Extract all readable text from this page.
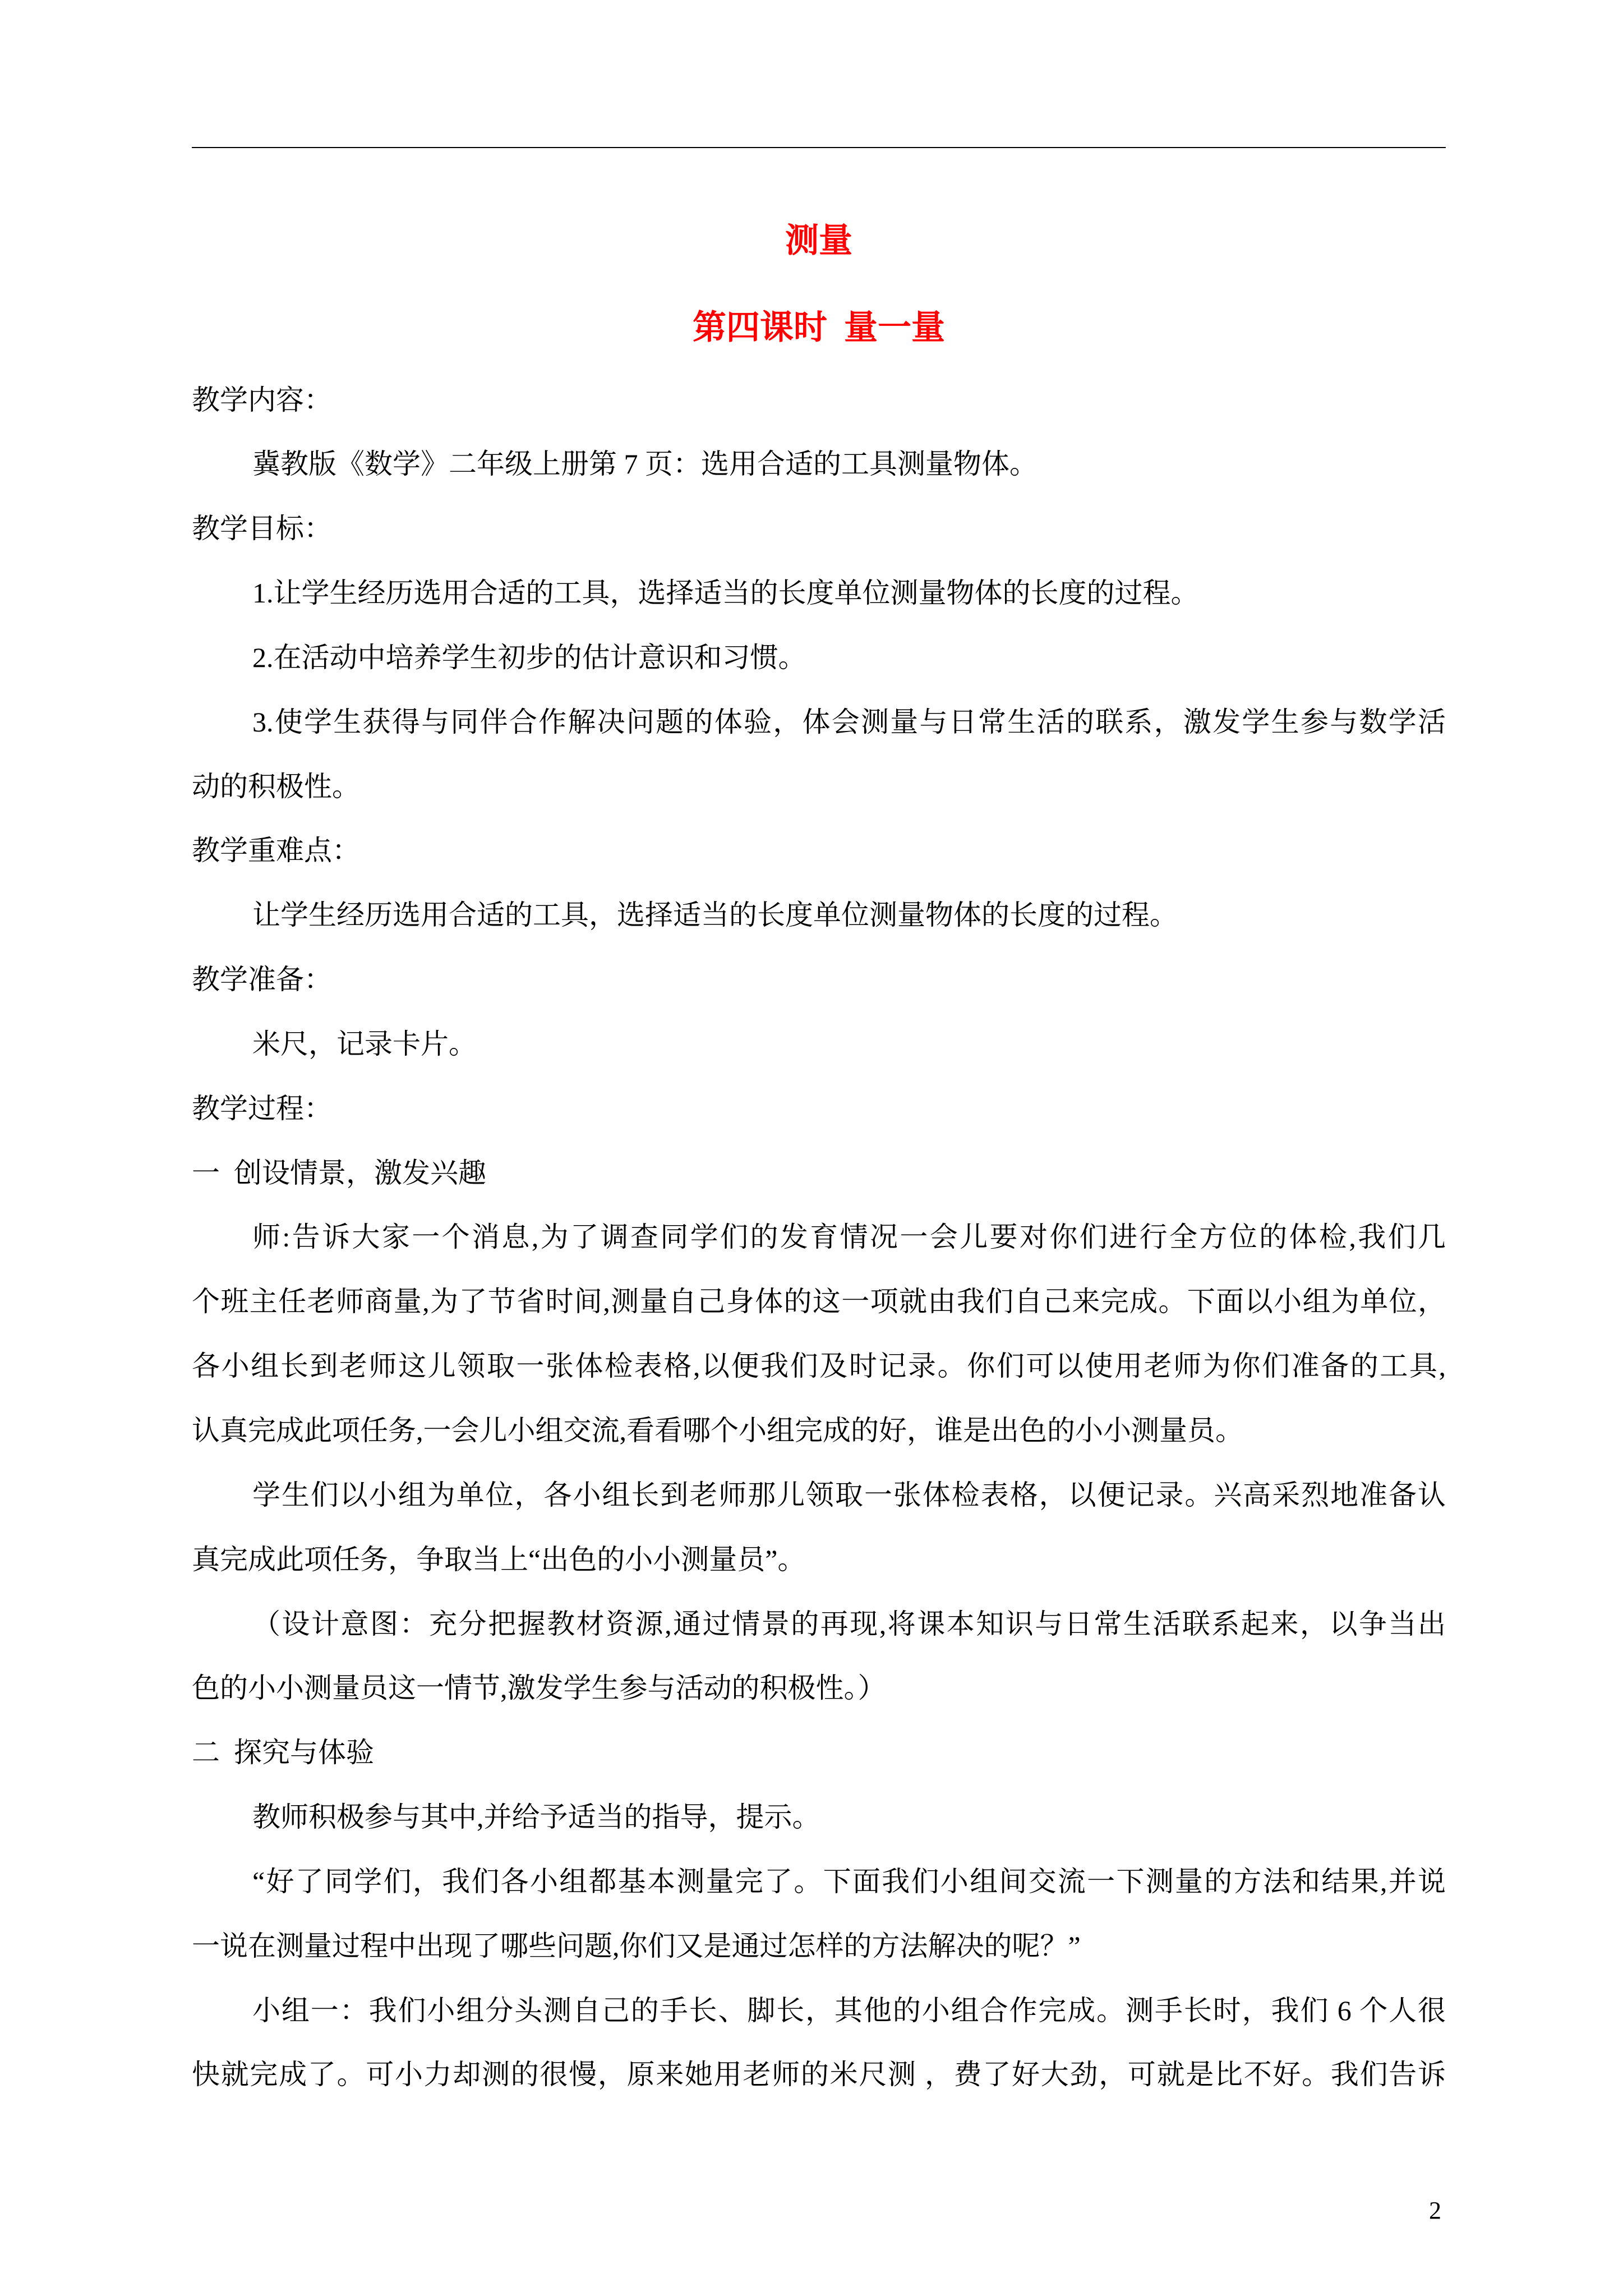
测量
第四课时  量一量
教学内容：
冀教版《数学》二年级上册第 7 页：选用合适的工具测量物体。
教学目标：
1.让学生经历选用合适的工具，选择适当的长度单位测量物体的长度的过程。
2.在活动中培养学生初步的估计意识和习惯。
3.使学生获得与同伴合作解决问题的体验，体会测量与日常生活的联系，激发学生参与数学活
动的积极性。
教学重难点：
让学生经历选用合适的工具，选择适当的长度单位测量物体的长度的过程。
教学准备：
米尺，记录卡片。
教学过程：
一  创设情景，激发兴趣
师:告诉大家一个消息,为了调查同学们的发育情况一会儿要对你们进行全方位的体检,我们几
个班主任老师商量,为了节省时间,测量自己身体的这一项就由我们自己来完成。下面以小组为单位，
各小组长到老师这儿领取一张体检表格,以便我们及时记录。你们可以使用老师为你们准备的工具,
认真完成此项任务,一会儿小组交流,看看哪个小组完成的好，谁是出色的小小测量员。
学生们以小组为单位，各小组长到老师那儿领取一张体检表格，以便记录。兴高采烈地准备认
真完成此项任务，争取当上“出色的小小测量员”。
（设计意图：充分把握教材资源,通过情景的再现,将课本知识与日常生活联系起来，以争当出
色的小小测量员这一情节,激发学生参与活动的积极性。）
二  探究与体验
教师积极参与其中,并给予适当的指导，提示。
“好了同学们，我们各小组都基本测量完了。下面我们小组间交流一下测量的方法和结果,并说
一说在测量过程中出现了哪些问题,你们又是通过怎样的方法解决的呢？”
小组一：我们小组分头测自己的手长、脚长，其他的小组合作完成。测手长时，我们 6 个人很
快就完成了。可小力却测的很慢，原来她用老师的米尺测 ，费了好大劲，可就是比不好。我们告诉
2
